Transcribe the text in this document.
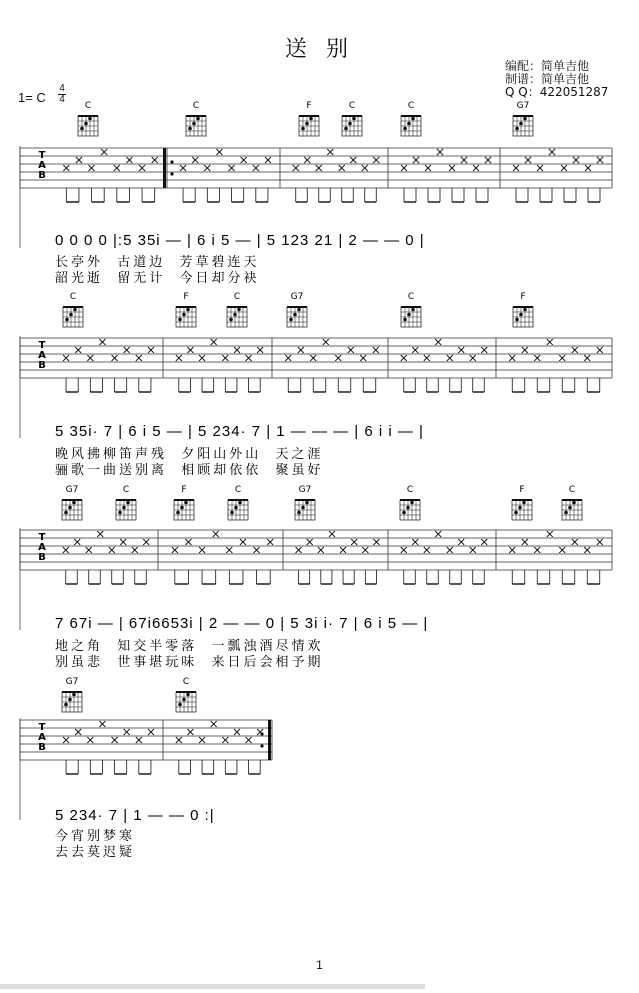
送 别
编配：简单吉他
制谱：简单吉他
Q Q：422051287
1= C
4
4
T
A
B
C	C	F	C	C	G7
0 0 0 0 |:5 35i — | 6 i 5 — | 5 123 21 | 2 — — 0 |
长亭外  古道边  芳草碧连天
韶光逝  留无计  今日却分袂
T
A
B
C	F	C	G7	C	F
5 35i· 7 | 6 i 5 — | 5 234· 7 | 1 — — — | 6 i i — |
晚风拂柳笛声残  夕阳山外山  天之涯
骊歌一曲送别离  相顾却依依  聚虽好
T
A
B
G7	C	F	C	G7	C	F	C
7 67i — | 67i6653i | 2 — — 0 | 5 3i i· 7 | 6 i 5 — |
地之角  知交半零落  一瓢浊酒尽情欢
别虽悲  世事堪玩味  来日后会相予期
T
A
B
G7	C
5 234· 7 | 1 — — 0 :|
今宵别梦寒
去去莫迟疑
1
